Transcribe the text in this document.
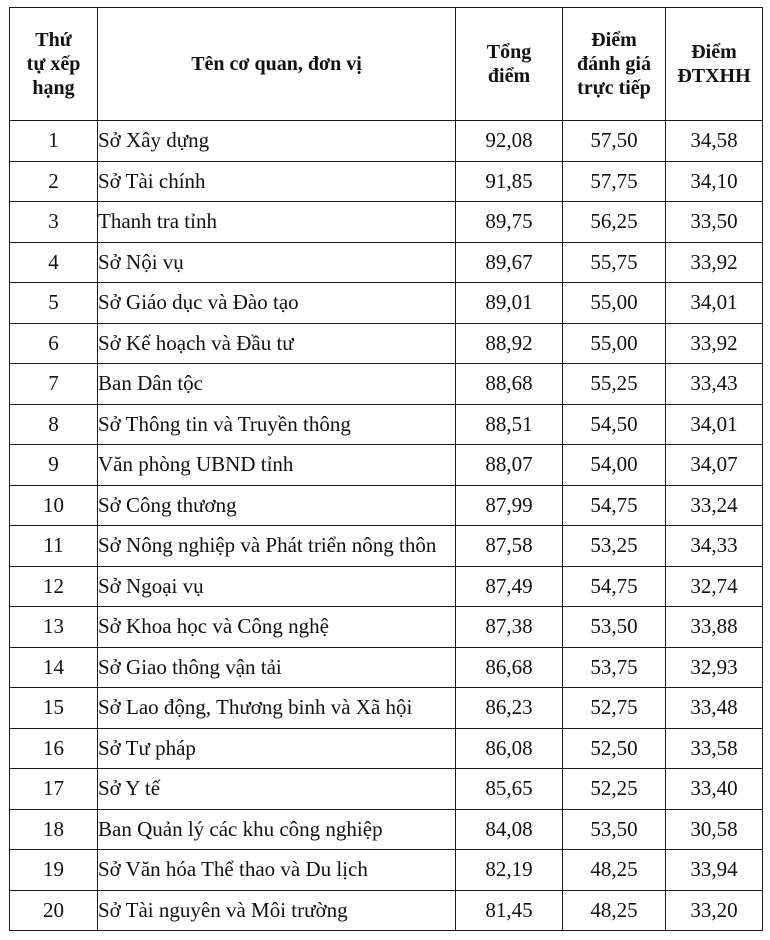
Thứ
tự xếp
hạng	Tên cơ quan, đơn vị	Tổng
điểm	Điểm
đánh giá
trực tiếp	Điểm
ĐTXHH

1	Sở Xây dựng	92,08	57,50	34,58
2	Sở Tài chính	91,85	57,75	34,10
3	Thanh tra tỉnh	89,75	56,25	33,50
4	Sở Nội vụ	89,67	55,75	33,92
5	Sở Giáo dục và Đào tạo	89,01	55,00	34,01
6	Sở Kế hoạch và Đầu tư	88,92	55,00	33,92
7	Ban Dân tộc	88,68	55,25	33,43
8	Sở Thông tin và Truyền thông	88,51	54,50	34,01
9	Văn phòng UBND tỉnh	88,07	54,00	34,07
10	Sở Công thương	87,99	54,75	33,24
11	Sở Nông nghiệp và Phát triển nông thôn	87,58	53,25	34,33
12	Sở Ngoại vụ	87,49	54,75	32,74
13	Sở Khoa học và Công nghệ	87,38	53,50	33,88
14	Sở Giao thông vận tải	86,68	53,75	32,93
15	Sở Lao động, Thương binh và Xã hội	86,23	52,75	33,48
16	Sở Tư pháp	86,08	52,50	33,58
17	Sở Y tế	85,65	52,25	33,40
18	Ban Quản lý các khu công nghiệp	84,08	53,50	30,58
19	Sở Văn hóa Thể thao và Du lịch	82,19	48,25	33,94
20	Sở Tài nguyên và Môi trường	81,45	48,25	33,20
